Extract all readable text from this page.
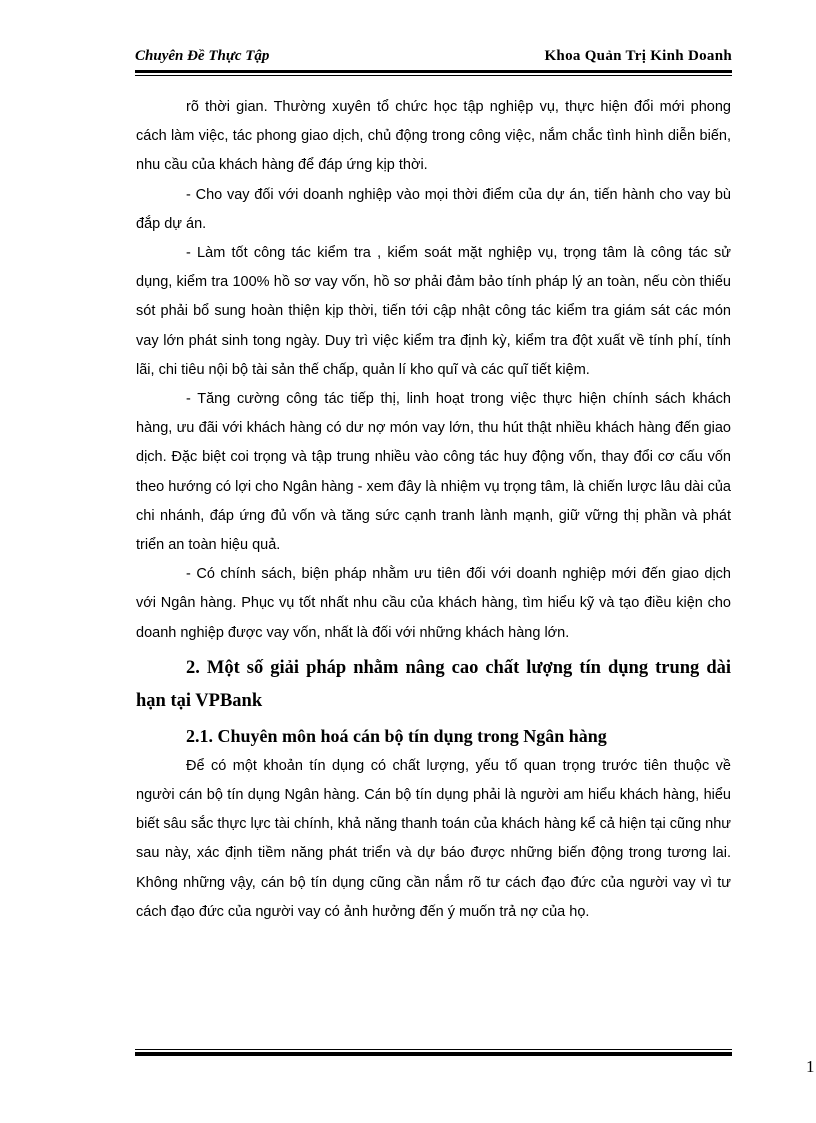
Chuyên Đề Thực Tập	Khoa Quản Trị Kinh Doanh

rõ thời gian. Thường xuyên tổ chức học tập nghiệp vụ, thực hiện đổi mới phong cách làm việc, tác phong giao dịch, chủ động trong công việc, nắm chắc tình hình diễn biến, nhu cầu của khách hàng để đáp ứng kịp thời.

- Cho vay đối với doanh nghiệp vào mọi thời điểm của dự án, tiến hành cho vay bù đắp dự án.

- Làm tốt công tác kiểm tra , kiểm soát mặt nghiệp vụ, trọng tâm là công tác sử dụng, kiểm tra 100% hồ sơ vay vốn, hồ sơ phải đảm bảo tính pháp lý an toàn, nếu còn thiếu sót phải bổ sung hoàn thiện kịp thời, tiến tới cập nhật công tác kiểm tra giám sát các món vay lớn phát sinh tong ngày. Duy trì việc kiểm tra định kỳ, kiểm tra đột xuất về tính phí, tính lãi, chi tiêu nội bộ tài sản thế chấp, quản lí kho quĩ và các quĩ tiết kiệm.

- Tăng cường công tác tiếp thị, linh hoạt trong việc thực hiện chính sách khách hàng, ưu đãi với khách hàng có dư nợ món vay lớn, thu hút thật nhiều khách hàng đến giao dịch. Đặc biệt coi trọng và tập trung nhiều vào công tác huy động vốn, thay đổi cơ cấu vốn theo hướng có lợi cho Ngân hàng - xem đây là nhiệm vụ trọng tâm, là chiến lược lâu dài của chi nhánh, đáp ứng đủ vốn và tăng sức cạnh tranh lành mạnh, giữ vững thị phần và phát triển an toàn hiệu quả.

- Có chính sách, biện pháp nhằm ưu tiên đối với doanh nghiệp mới đến giao dịch với Ngân hàng. Phục vụ tốt nhất nhu cầu của khách hàng, tìm hiểu kỹ và tạo điều kiện cho doanh nghiệp được vay vốn, nhất là đối với những khách hàng lớn.

2. Một số giải pháp nhằm nâng cao chất lượng tín dụng trung dài hạn tại VPBank
2.1. Chuyên môn hoá cán bộ tín dụng trong Ngân hàng

Để có một khoản tín dụng có chất lượng, yếu tố quan trọng trước tiên thuộc về người cán bộ tín dụng Ngân hàng. Cán bộ tín dụng phải là người am hiểu khách hàng, hiểu biết sâu sắc thực lực tài chính, khả năng thanh toán của khách hàng kể cả hiện tại cũng như sau này, xác định tiềm năng phát triển và dự báo được những biến động trong tương lai. Không những vậy, cán bộ tín dụng cũng cần nắm rõ tư cách đạo đức của người vay vì tư cách đạo đức của người vay có ảnh hưởng đến ý muốn trả nợ của họ.

1
